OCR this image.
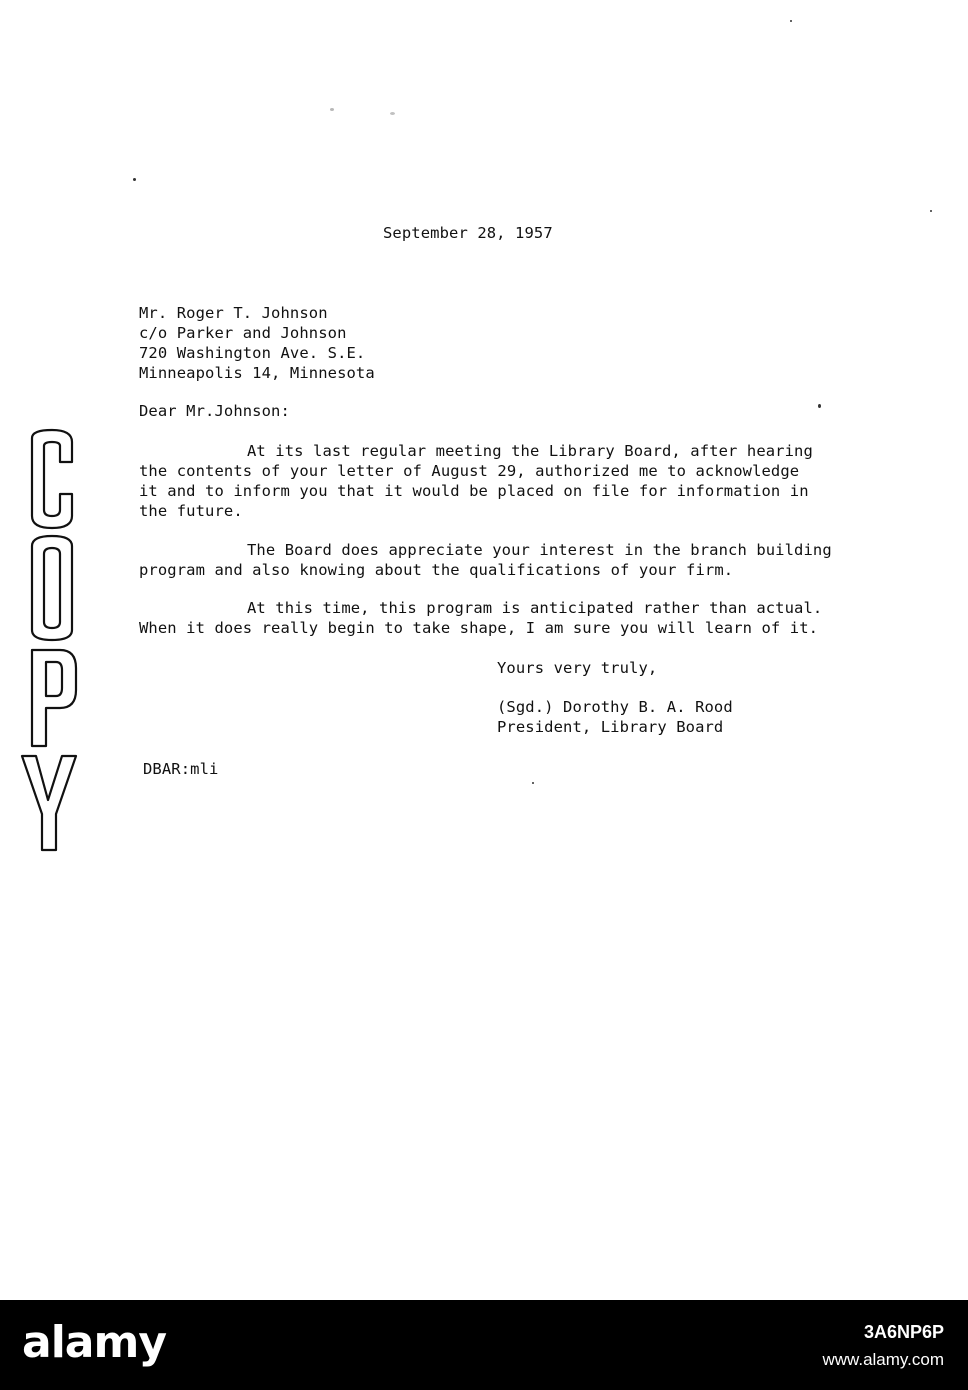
September 28, 1957
Mr. Roger T. Johnson
c/o Parker and Johnson
720 Washington Ave. S.E.
Minneapolis 14, Minnesota
Dear Mr.Johnson:
At its last regular meeting the Library Board, after hearing
the contents of your letter of August 29, authorized me to acknowledge
it and to inform you that it would be placed on file for information in
the future.
The Board does appreciate your interest in the branch building
program and also knowing about the qualifications of your firm.
At this time, this program is anticipated rather than actual.
When it does really begin to take shape, I am sure you will learn of it.
Yours very truly,
(Sgd.) Dorothy B. A. Rood
President, Library Board
DBAR:mli
alamy	3A6NP6P
www.alamy.com
